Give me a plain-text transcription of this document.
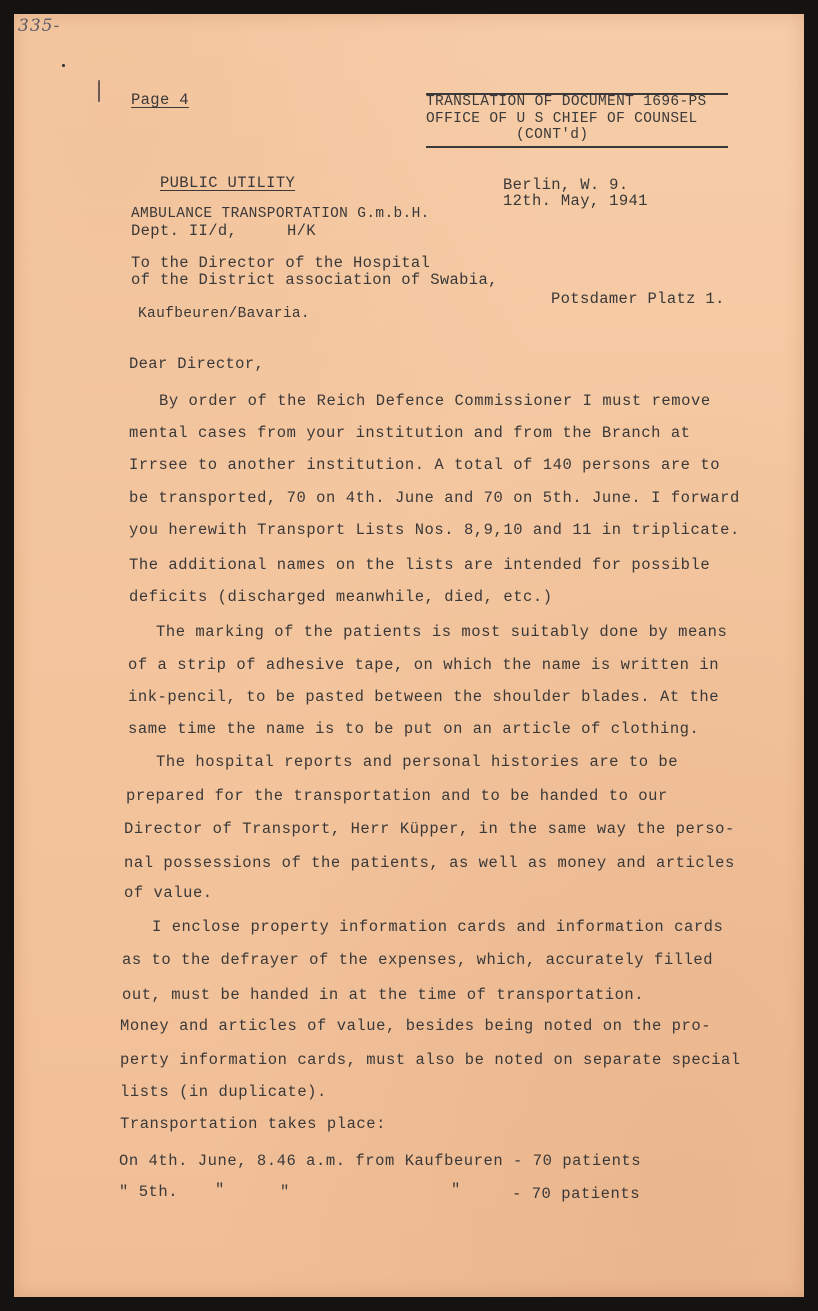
335-

Page 4	TRANSLATION OF DOCUMENT 1696-PS

OFFICE OF U S CHIEF OF COUNSEL

(CONT'd)

PUBLIC UTILITY

AMBULANCE TRANSPORTATION G.m.b.H.

Dept. II/d,	H/K

Berlin, W. 9.

12th. May, 1941

To the Director of the Hospital

of the District association of Swabia,

Kaufbeuren/Bavaria.

Potsdamer Platz 1.

Dear Director,

By order of the Reich Defence Commissioner I must remove

mental cases from your institution and from the Branch at

Irrsee to another institution. A total of 140 persons are to

be transported, 70 on 4th. June and 70 on 5th. June. I forward

you herewith Transport Lists Nos. 8,9,10 and 11 in triplicate.

The additional names on the lists are intended for possible

deficits (discharged meanwhile, died, etc.)

The marking of the patients is most suitably done by means

of a strip of adhesive tape, on which the name is written in

ink-pencil, to be pasted between the shoulder blades. At the

same time the name is to be put on an article of clothing.

The hospital reports and personal histories are to be

prepared for the transportation and to be handed to our

Director of Transport, Herr Küpper, in the same way the perso-

nal possessions of the patients, as well as money and articles

of value.

I enclose property information cards and information cards

as to the defrayer of the expenses, which, accurately filled

out, must be handed in at the time of transportation.

Money and articles of value, besides being noted on the pro-

perty information cards, must also be noted on separate special

lists (in duplicate).

Transportation takes place:

On 4th. June, 8.46 a.m. from Kaufbeuren - 70 patients

" 5th. "	"	"	- 70 patients
